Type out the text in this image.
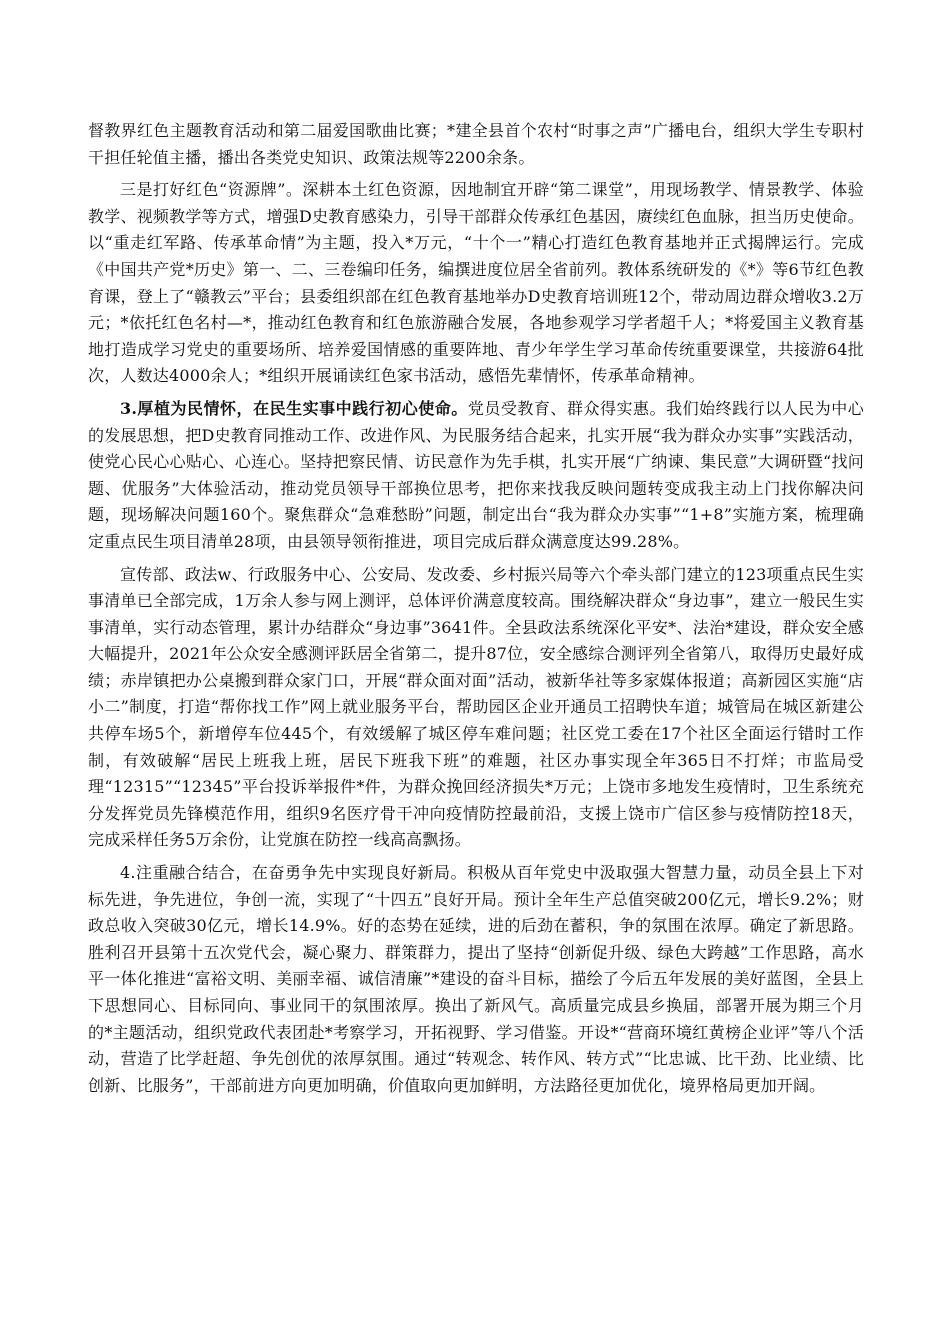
督教界红色主题教育活动和第二届爱国歌曲比赛；*建全县首个农村“时事之声”广播电台，组织大学生专职村干担任轮值主播，播出各类党史知识、政策法规等2200余条。

三是打好红色“资源牌”。深耕本土红色资源，因地制宜开辟“第二课堂”，用现场教学、情景教学、体验教学、视频教学等方式，增强D史教育感染力，引导干部群众传承红色基因，赓续红色血脉，担当历史使命。以“重走红军路、传承革命情”为主题，投入*万元，“十个一”精心打造红色教育基地并正式揭牌运行。完成《中国共产党*历史》第一、二、三卷编印任务，编撰进度位居全省前列。教体系统研发的《*》等6节红色教育课，登上了“赣教云”平台；县委组织部在红色教育基地举办D史教育培训班12个，带动周边群众增收3.2万元；*依托红色名村—*，推动红色教育和红色旅游融合发展，各地参观学习学者超千人；*将爱国主义教育基地打造成学习党史的重要场所、培养爱国情感的重要阵地、青少年学生学习革命传统重要课堂，共接游64批次，人数达4000余人；*组织开展诵读红色家书活动，感悟先辈情怀，传承革命精神。

3.厚植为民情怀，在民生实事中践行初心使命。党员受教育、群众得实惠。我们始终践行以人民为中心的发展思想，把D史教育同推动工作、改进作风、为民服务结合起来，扎实开展“我为群众办实事”实践活动，使党心民心心贴心、心连心。坚持把察民情、访民意作为先手棋，扎实开展“广纳谏、集民意”大调研暨“找问题、优服务”大体验活动，推动党员领导干部换位思考，把你来找我反映问题转变成我主动上门找你解决问题，现场解决问题160个。聚焦群众“急难愁盼”问题，制定出台“我为群众办实事”“1+8”实施方案，梳理确定重点民生项目清单28项，由县领导领衔推进，项目完成后群众满意度达99.28%。

宣传部、政法w、行政服务中心、公安局、发改委、乡村振兴局等六个牵头部门建立的123项重点民生实事清单已全部完成，1万余人参与网上测评，总体评价满意度较高。围绕解决群众“身边事”，建立一般民生实事清单，实行动态管理，累计办结群众“身边事”3641件。全县政法系统深化平安*、法治*建设，群众安全感大幅提升，2021年公众安全感测评跃居全省第二，提升87位，安全感综合测评列全省第八，取得历史最好成绩；赤岸镇把办公桌搬到群众家门口，开展“群众面对面”活动，被新华社等多家媒体报道；高新园区实施“店小二”制度，打造“帮你找工作”网上就业服务平台，帮助园区企业开通员工招聘快车道；城管局在城区新建公共停车场5个，新增停车位445个，有效缓解了城区停车难问题；社区党工委在17个社区全面运行错时工作制，有效破解“居民上班我上班，居民下班我下班”的难题，社区办事实现全年365日不打烊；市监局受理“12315”“12345”平台投诉举报件*件，为群众挽回经济损失*万元；上饶市多地发生疫情时，卫生系统充分发挥党员先锋模范作用，组织9名医疗骨干冲向疫情防控最前沿，支援上饶市广信区参与疫情防控18天，完成采样任务5万余份，让党旗在防控一线高高飘扬。

4.注重融合结合，在奋勇争先中实现良好新局。积极从百年党史中汲取强大智慧力量，动员全县上下对标先进，争先进位，争创一流，实现了“十四五”良好开局。预计全年生产总值突破200亿元，增长9.2%；财政总收入突破30亿元，增长14.9%。好的态势在延续，进的后劲在蓄积，争的氛围在浓厚。确定了新思路。胜利召开县第十五次党代会，凝心聚力、群策群力，提出了坚持“创新促升级、绿色大跨越”工作思路，高水平一体化推进“富裕文明、美丽幸福、诚信清廉”*建设的奋斗目标，描绘了今后五年发展的美好蓝图，全县上下思想同心、目标同向、事业同干的氛围浓厚。换出了新风气。高质量完成县乡换届，部署开展为期三个月的*主题活动，组织党政代表团赴*考察学习，开拓视野、学习借鉴。开设*“营商环境红黄榜企业评”等八个活动，营造了比学赶超、争先创优的浓厚氛围。通过“转观念、转作风、转方式”“比忠诚、比干劲、比业绩、比创新、比服务”，干部前进方向更加明确，价值取向更加鲜明，方法路径更加优化，境界格局更加开阔。
